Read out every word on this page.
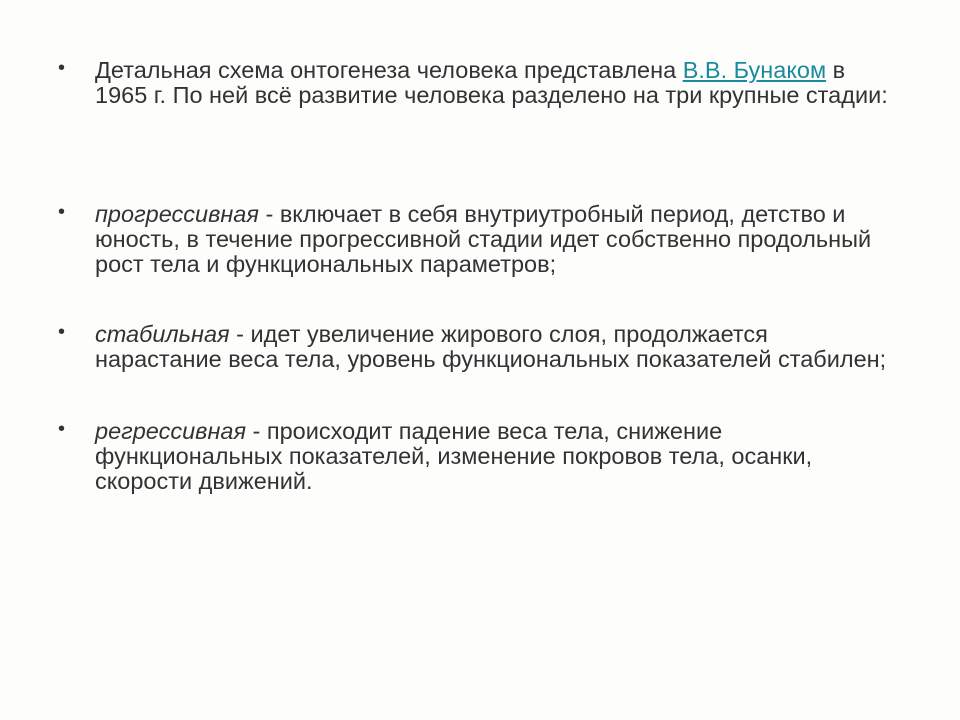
• Детальная схема онтогенеза человека представлена В.В. Бунаком в 1965 г. По ней всё развитие человека разделено на три крупные стадии:
• прогрессивная - включает в себя внутриутробный период, детство и юность, в течение прогрессивной стадии идет собственно продольный рост тела и функциональных параметров;
• стабильная - идет увеличение жирового слоя, продолжается нарастание веса тела, уровень функциональных показателей стабилен;
• регрессивная - происходит падение веса тела, снижение функциональных показателей, изменение покровов тела, осанки, скорости движений.
